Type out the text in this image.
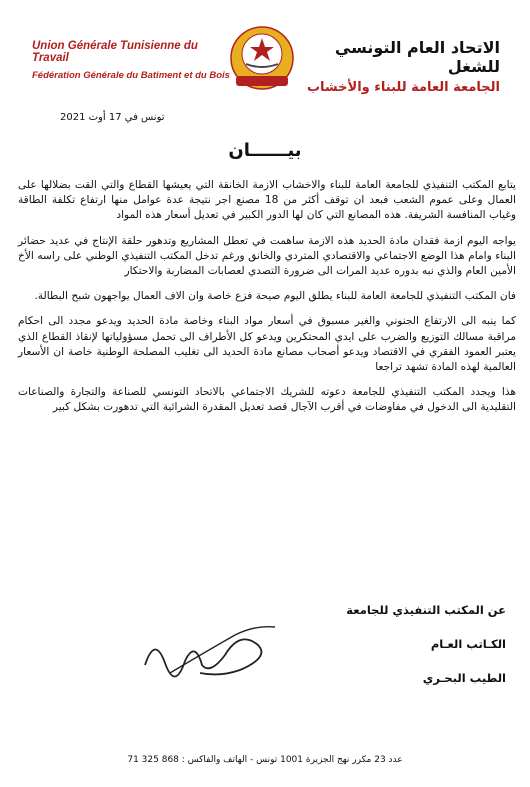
Union Générale Tunisienne du Travail
Fédération Générale du Batiment et du Bois
الاتحاد العام التونسي للشغل
الجامعة العامة للبناء والأخشاب
تونس في 17 أوت 2021
بيــــــان

يتابع المكتب التنفيذي للجامعة العامة للبناء والاخشاب الازمة الخانقة التي يعيشها القطاع والتي القت بضلالها على العمال وعلى عموم الشعب فبعد ان توقف أكثر من 18 مصنع اجر نتيجة عدة عوامل منها ارتفاع تكلفة الطاقة وغياب المنافسة الشريفة. هذه المصانع التي كان لها الدور الكبير في تعديل أسعار هذه المواد

يواجه اليوم ازمة فقدان مادة الحديد هذه الازمة ساهمت في تعطل المشاريع وتدهور حلقة الإنتاج في عديد حضائر البناء وامام هذا الوضع الاجتماعي والاقتصادي المتردي والخانق ورغم تدخل المكتب التنفيذي الوطني على راسه الأخ الأمين العام والذي نبه بدوره عديد المرات الى ضرورة التصدي لعصابات المضاربة والاحتكار

فان المكتب التنفيذي للجامعة العامة للبناء يطلق اليوم صيحة فزع خاصة وان الاف العمال يواجهون شبح البطالة.

كما ينبه الى الارتفاع الجنوني والغير مسبوق في أسعار مواد البناء وخاصة مادة الحديد ويدعو مجدد الى احكام مراقبة مسالك التوزيع والضرب على ايدي المحتكرين ويدعو كل الأطراف الى تحمل مسؤولياتها لإنقاذ القطاع الذي يعتبر العمود الفقري في الاقتصاد ويدعو أصحاب مصانع مادة الحديد الى تغليب المصلحة الوطنية خاصة ان الأسعار العالمية لهذه المادة تشهد تراجعا

هذا ويجدد المكتب التنفيذي للجامعة دعوته للشريك الاجتماعي بالاتحاد التونسي للصناعة والتجارة والصناعات التقليدية الى الدخول في مفاوضات في أقرب الآجال قصد تعديل المقدرة الشرائية التي تدهورت بشكل كبير

عن المكتب التنفيذي للجامعة
الكـاتب العـام
الطيب البحـري
عدد 23 مكرر نهج الجزيرة 1001 تونس - الهاتف والفاكس : 868 325 71
